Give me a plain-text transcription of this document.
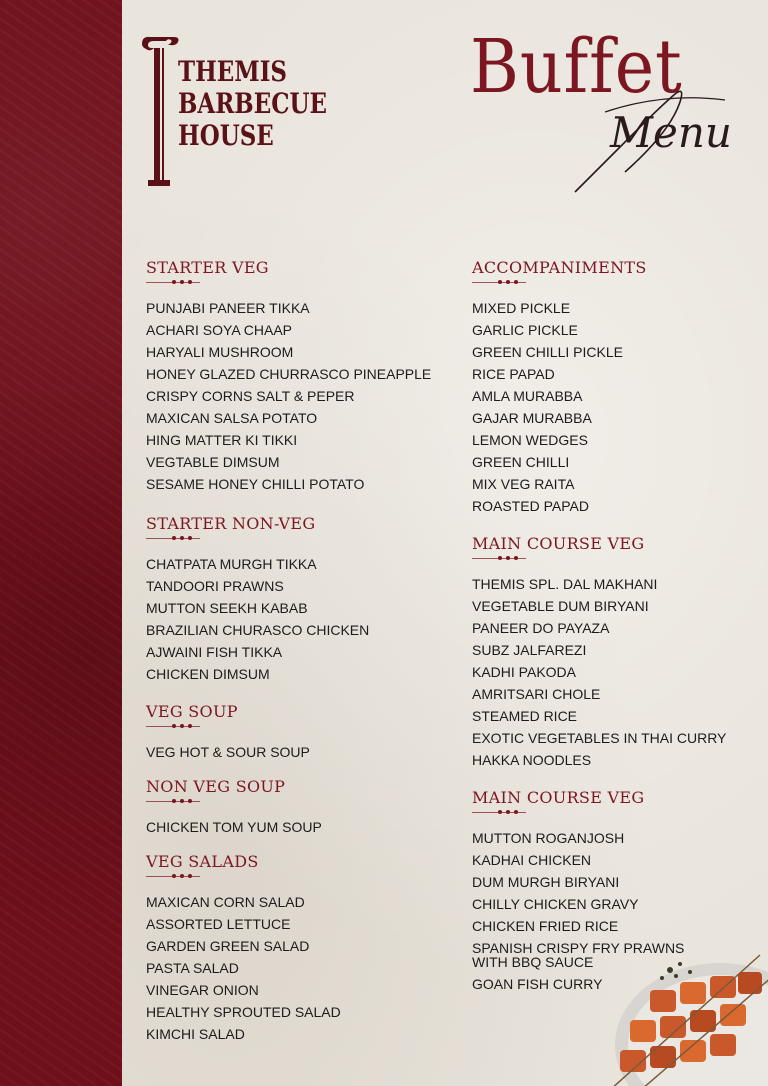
THEMIS
BARBECUE
HOUSE
Buffet
Menu
STARTER VEG
PUNJABI PANEER TIKKA
ACHARI SOYA CHAAP
HARYALI MUSHROOM
HONEY GLAZED CHURRASCO PINEAPPLE
CRISPY CORNS SALT & PEPER
MAXICAN SALSA POTATO
HING MATTER KI TIKKI
VEGTABLE DIMSUM
SESAME HONEY CHILLI POTATO
STARTER NON-VEG
CHATPATA MURGH TIKKA
TANDOORI PRAWNS
MUTTON SEEKH KABAB
BRAZILIAN CHURASCO CHICKEN
AJWAINI FISH TIKKA
CHICKEN DIMSUM
VEG SOUP
VEG HOT & SOUR SOUP
NON VEG SOUP
CHICKEN TOM YUM SOUP
VEG SALADS
MAXICAN CORN SALAD
ASSORTED LETTUCE
GARDEN GREEN SALAD
PASTA SALAD
VINEGAR ONION
HEALTHY SPROUTED SALAD
KIMCHI SALAD
ACCOMPANIMENTS
MIXED PICKLE
GARLIC PICKLE
GREEN CHILLI PICKLE
RICE PAPAD
AMLA MURABBA
GAJAR MURABBA
LEMON WEDGES
GREEN CHILLI
MIX VEG RAITA
ROASTED PAPAD
MAIN COURSE VEG
THEMIS SPL. DAL MAKHANI
VEGETABLE DUM BIRYANI
PANEER DO PAYAZA
SUBZ JALFAREZI
KADHI PAKODA
AMRITSARI CHOLE
STEAMED RICE
EXOTIC VEGETABLES IN THAI CURRY
HAKKA NOODLES
MAIN COURSE VEG
MUTTON ROGANJOSH
KADHAI CHICKEN
DUM MURGH BIRYANI
CHILLY CHICKEN GRAVY
CHICKEN FRIED RICE
SPANISH CRISPY FRY PRAWNS WITH BBQ SAUCE
GOAN FISH CURRY
